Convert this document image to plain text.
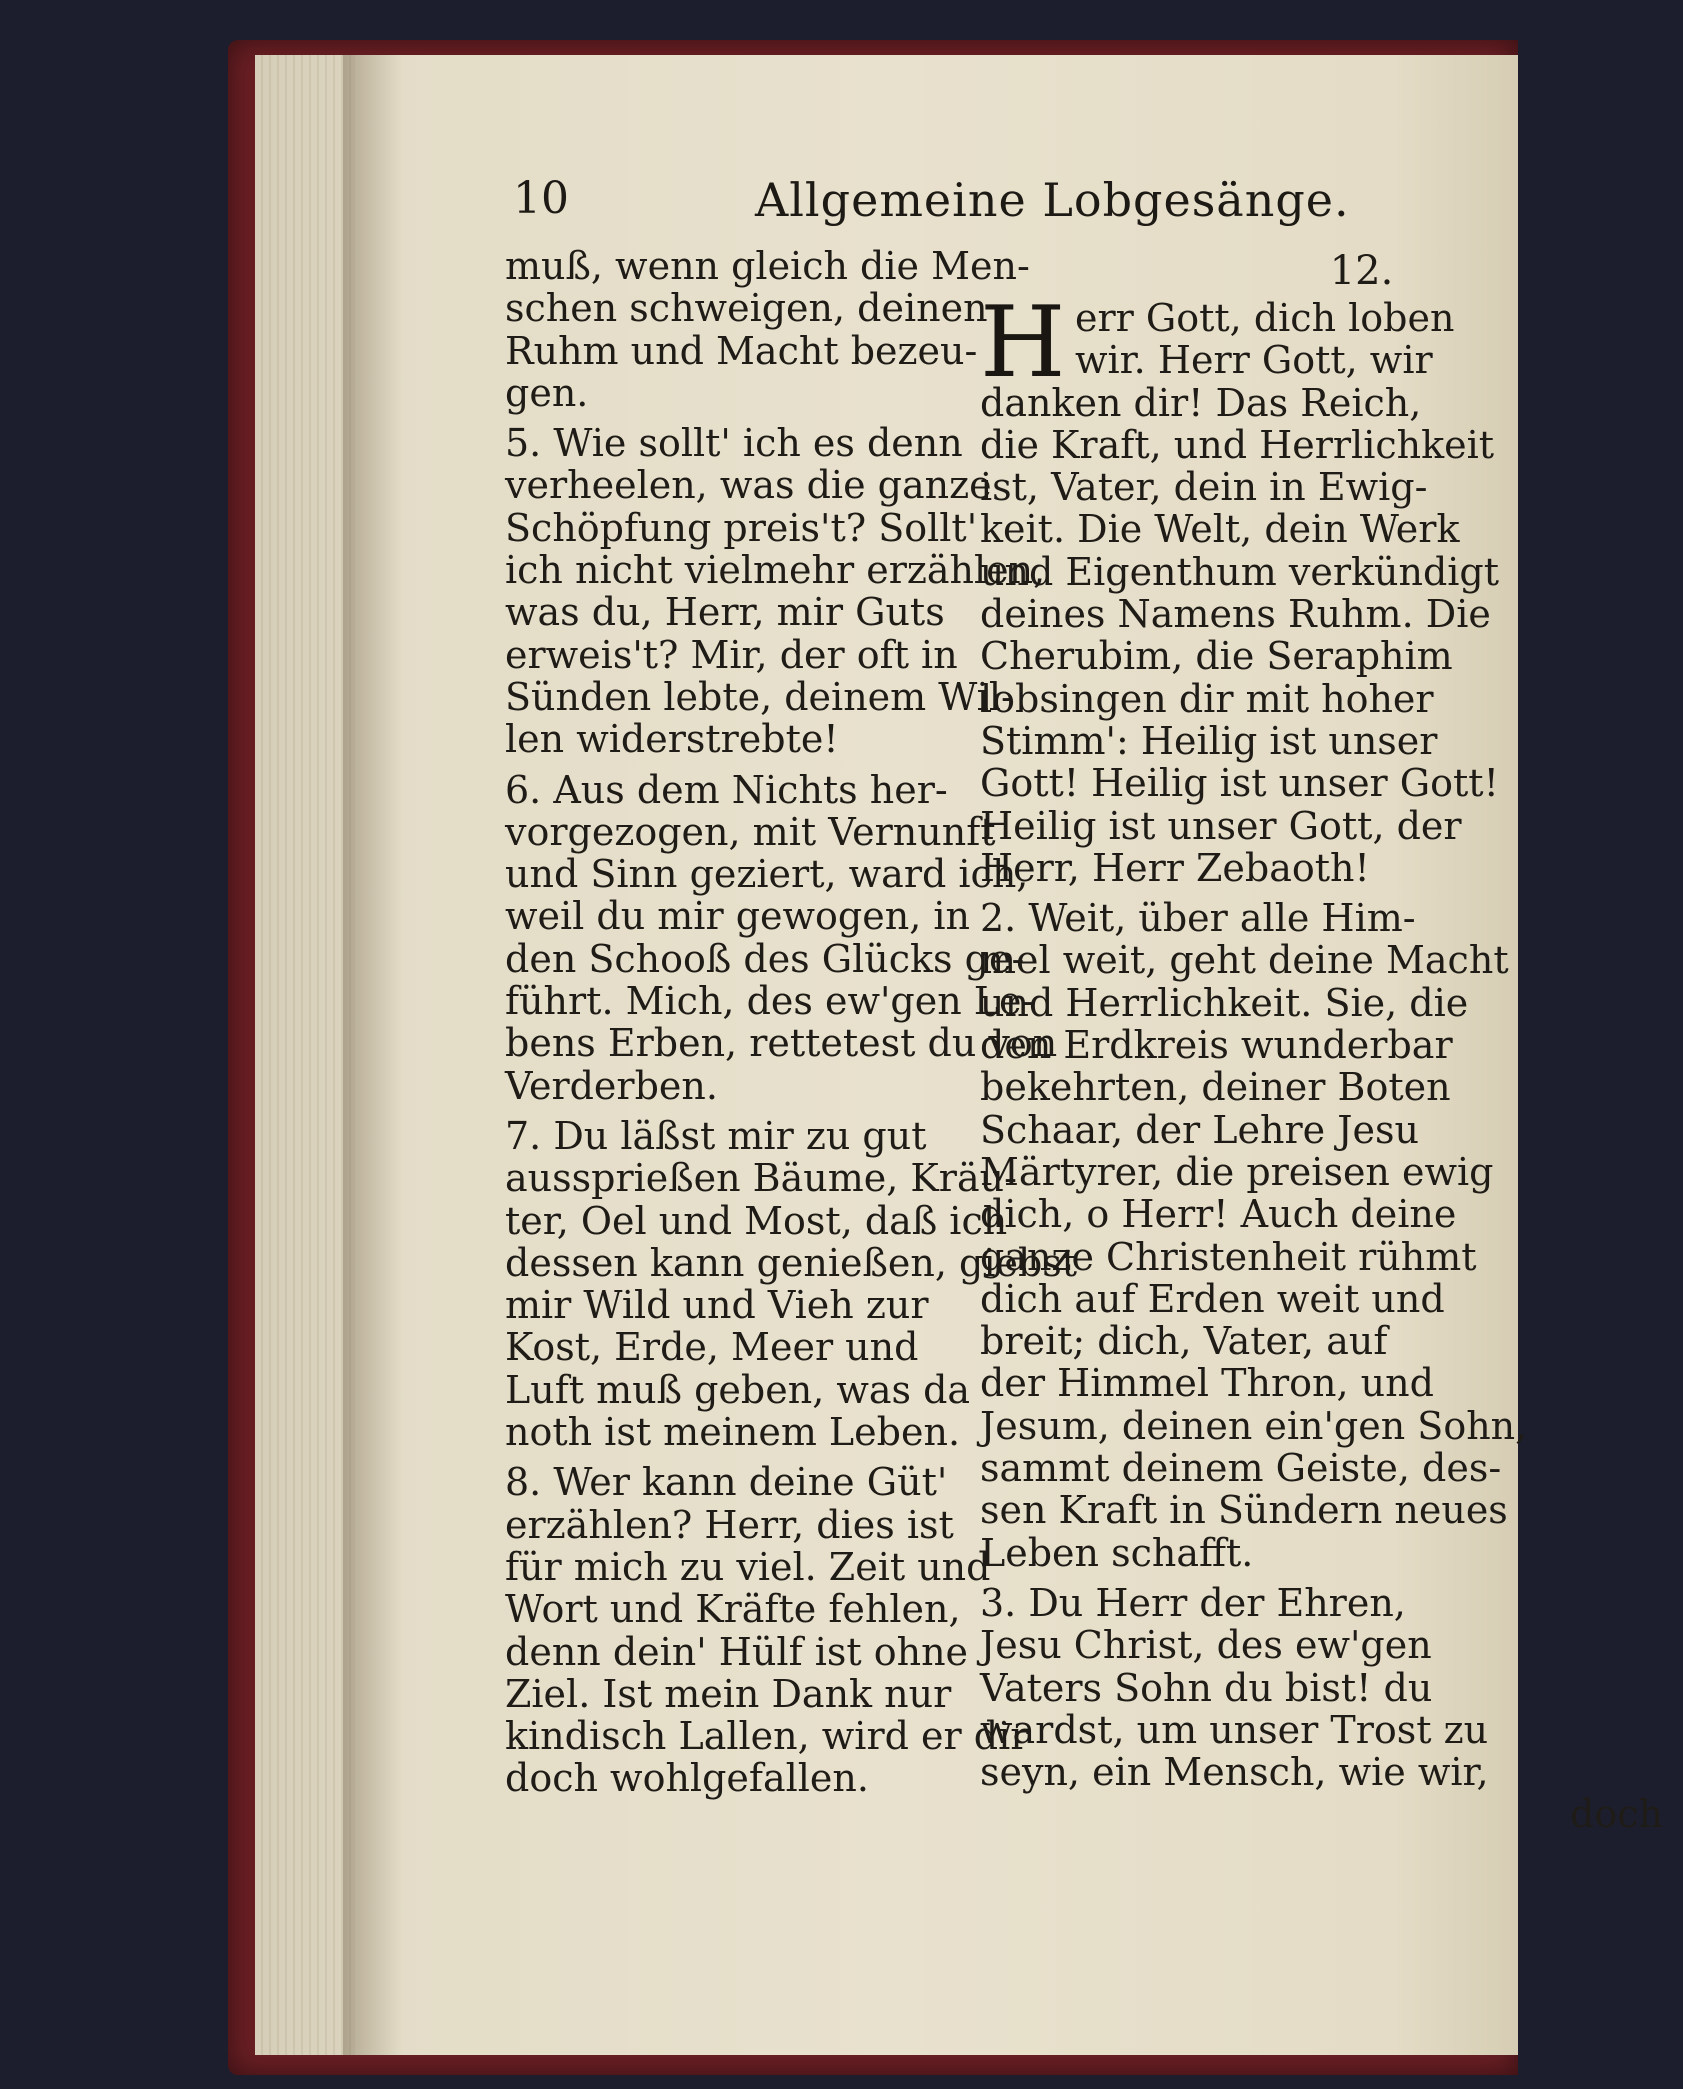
10	Allgemeine Lobgesänge.

muß, wenn gleich die Men-
schen schweigen, deinen
Ruhm und Macht bezeu-
gen.
5. Wie sollt' ich es denn
verheelen, was die ganze
Schöpfung preis't? Sollt'
ich nicht vielmehr erzählen,
was du, Herr, mir Guts
erweis't? Mir, der oft in
Sünden lebte, deinem Wil-
len widerstrebte!
6. Aus dem Nichts her-
vorgezogen, mit Vernunft
und Sinn geziert, ward ich,
weil du mir gewogen, in
den Schooß des Glücks ge-
führt. Mich, des ew'gen Le-
bens Erben, rettetest du von
Verderben.
7. Du läßst mir zu gut
aussprießen Bäume, Kräu-
ter, Oel und Most, daß ich
dessen kann genießen, giebst
mir Wild und Vieh zur
Kost, Erde, Meer und
Luft muß geben, was da
noth ist meinem Leben.
8. Wer kann deine Güt'
erzählen? Herr, dies ist
für mich zu viel. Zeit und
Wort und Kräfte fehlen,
denn dein' Hülf ist ohne
Ziel. Ist mein Dank nur
kindisch Lallen, wird er dir
doch wohlgefallen.
12.
H err Gott, dich loben
wir. Herr Gott, wir
danken dir! Das Reich,
die Kraft, und Herrlichkeit
ist, Vater, dein in Ewig-
keit. Die Welt, dein Werk
und Eigenthum verkündigt
deines Namens Ruhm. Die
Cherubim, die Seraphim
lobsingen dir mit hoher
Stimm': Heilig ist unser
Gott! Heilig ist unser Gott!
Heilig ist unser Gott, der
Herr, Herr Zebaoth!
2. Weit, über alle Him-
mel weit, geht deine Macht
und Herrlichkeit. Sie, die
den Erdkreis wunderbar
bekehrten, deiner Boten
Schaar, der Lehre Jesu
Märtyrer, die preisen ewig
dich, o Herr! Auch deine
ganze Christenheit rühmt
dich auf Erden weit und
breit; dich, Vater, auf
der Himmel Thron, und
Jesum, deinen ein'gen Sohn,
sammt deinem Geiste, des-
sen Kraft in Sündern neues
Leben schafft.
3. Du Herr der Ehren,
Jesu Christ, des ew'gen
Vaters Sohn du bist! du
wardst, um unser Trost zu
seyn, ein Mensch, wie wir,
doch
